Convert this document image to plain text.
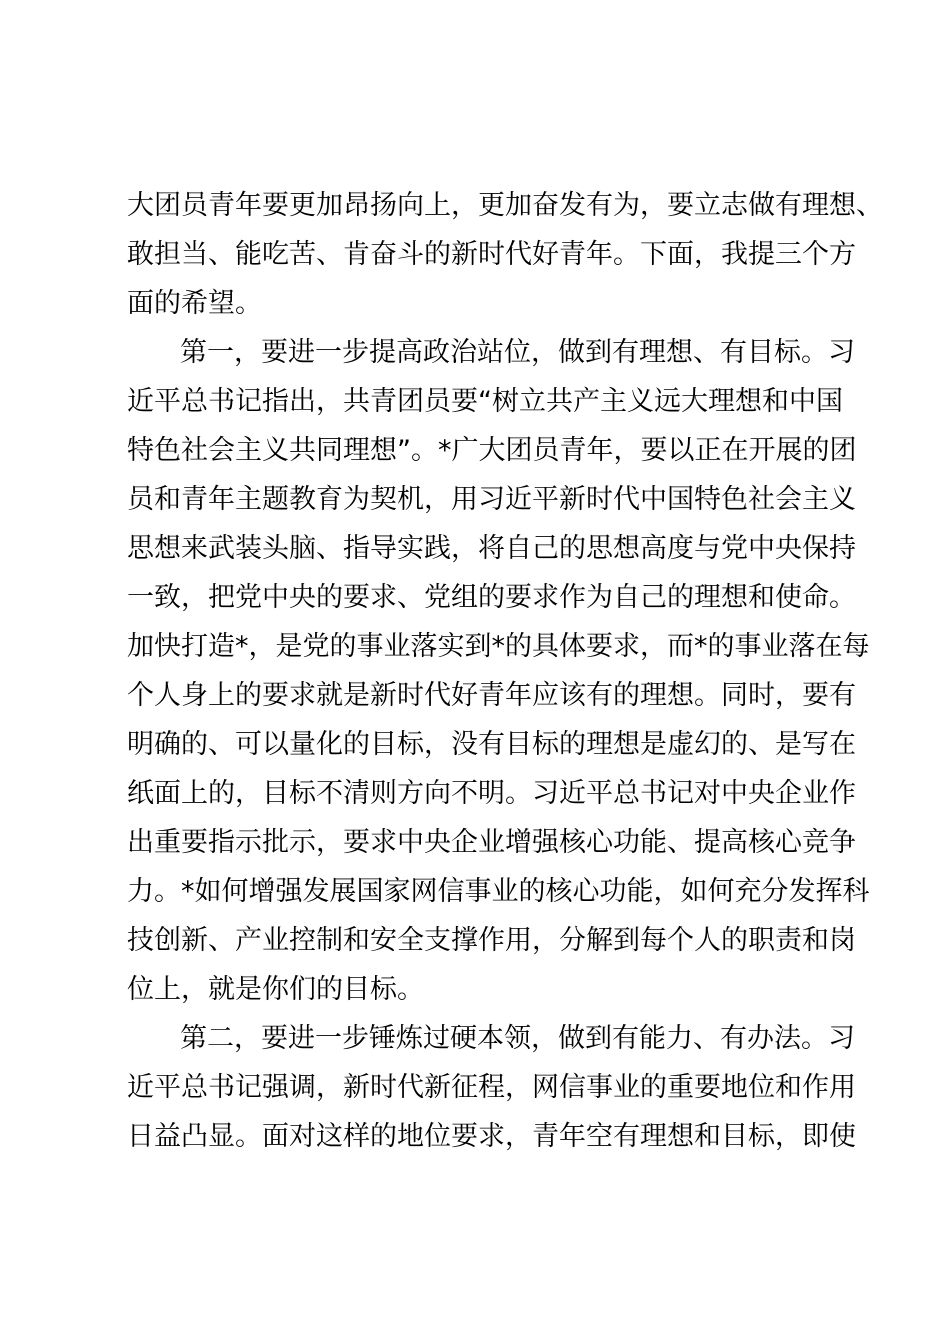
大团员青年要更加昂扬向上，更加奋发有为，要立志做有理想、
敢担当、能吃苦、肯奋斗的新时代好青年。下面，我提三个方
面的希望。
第一，要进一步提高政治站位，做到有理想、有目标。习
近平总书记指出，共青团员要“树立共产主义远大理想和中国
特色社会主义共同理想”。*广大团员青年，要以正在开展的团
员和青年主题教育为契机，用习近平新时代中国特色社会主义
思想来武装头脑、指导实践，将自己的思想高度与党中央保持
一致，把党中央的要求、党组的要求作为自己的理想和使命。
加快打造*，是党的事业落实到*的具体要求，而*的事业落在每
个人身上的要求就是新时代好青年应该有的理想。同时，要有
明确的、可以量化的目标，没有目标的理想是虚幻的、是写在
纸面上的，目标不清则方向不明。习近平总书记对中央企业作
出重要指示批示，要求中央企业增强核心功能、提高核心竞争
力。*如何增强发展国家网信事业的核心功能，如何充分发挥科
技创新、产业控制和安全支撑作用，分解到每个人的职责和岗
位上，就是你们的目标。
第二，要进一步锤炼过硬本领，做到有能力、有办法。习
近平总书记强调，新时代新征程，网信事业的重要地位和作用
日益凸显。面对这样的地位要求，青年空有理想和目标，即使
